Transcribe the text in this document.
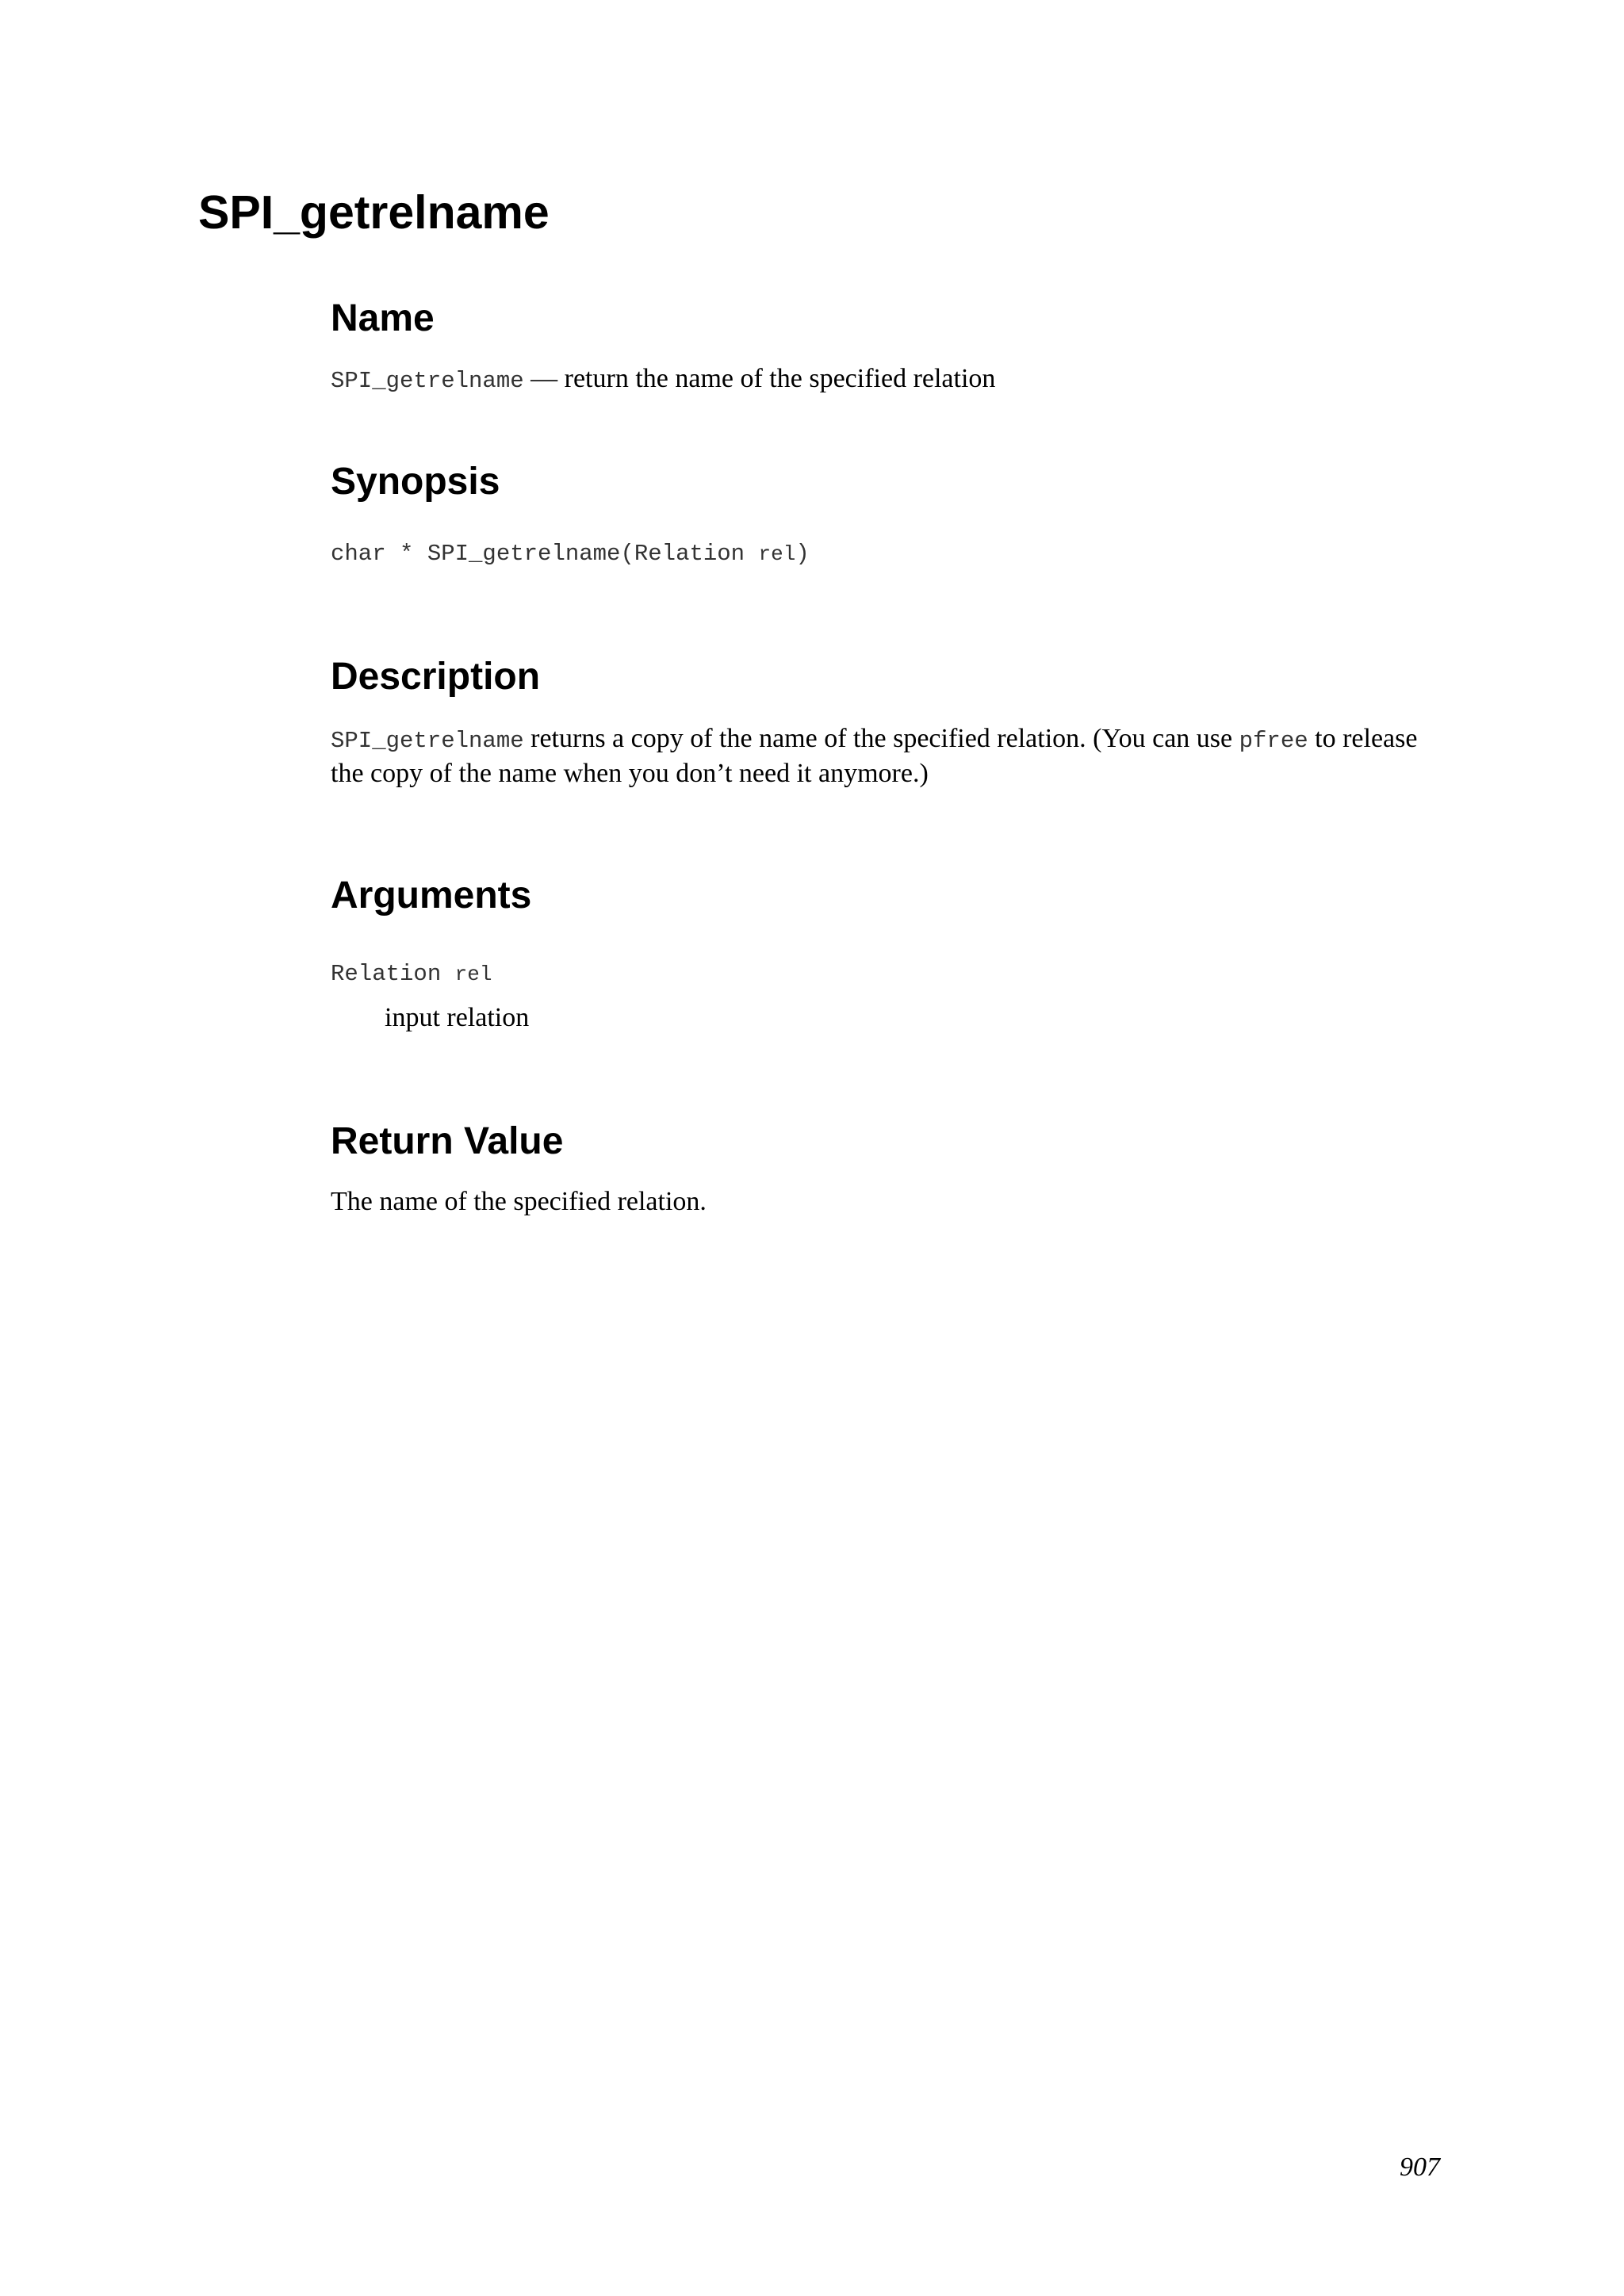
SPI_getrelname
Name

SPI_getrelname — return the name of the specified relation

Synopsis

char * SPI_getrelname(Relation rel)

Description

SPI_getrelname returns a copy of the name of the specified relation. (You can use pfree to release

the copy of the name when you don’t need it anymore.)

Arguments

Relation rel

input relation

Return Value

The name of the specified relation.

907
